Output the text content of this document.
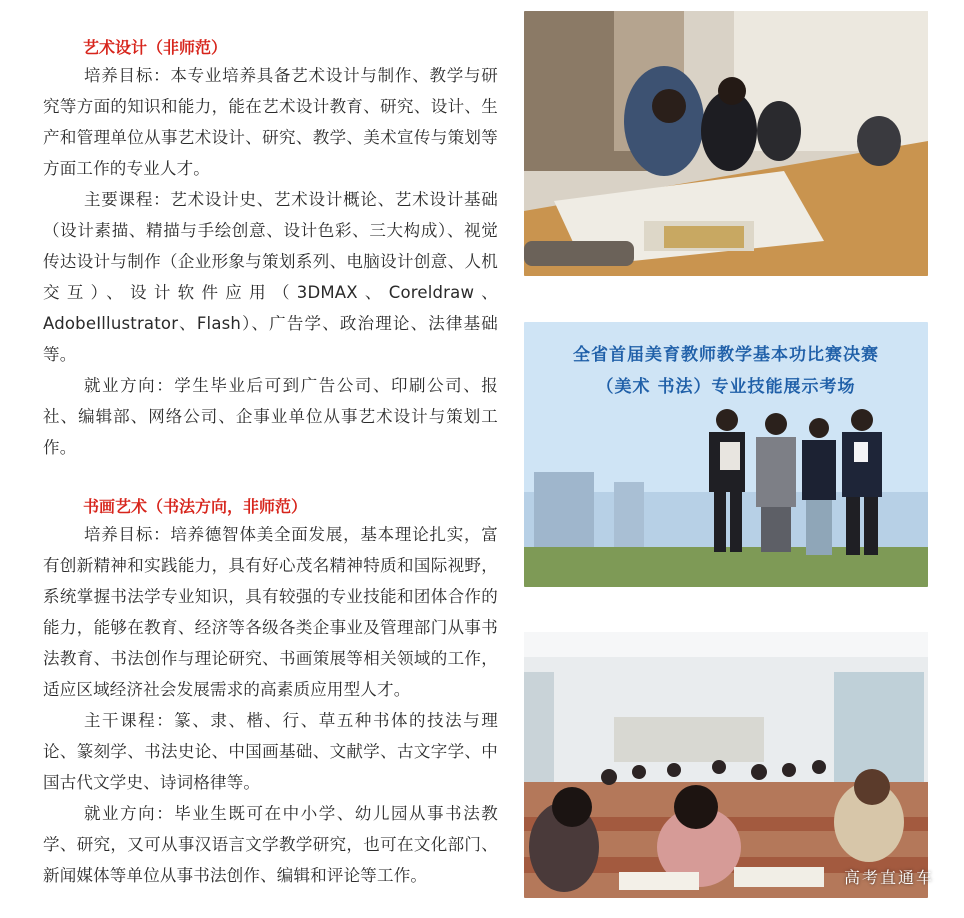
艺术设计（非师范）

培养目标：本专业培养具备艺术设计与制作、教学与研究等方面的知识和能力，能在艺术设计教育、研究、设计、生产和管理单位从事艺术设计、研究、教学、美术宣传与策划等方面工作的专业人才。

主要课程：艺术设计史、艺术设计概论、艺术设计基础（设计素描、精描与手绘创意、设计色彩、三大构成）、视觉传达设计与制作（企业形象与策划系列、电脑设计创意、人机交互）、设计软件应用（3DMAX、Coreldraw、AdobeIllustrator、Flash）、广告学、政治理论、法律基础等。

就业方向：学生毕业后可到广告公司、印刷公司、报社、编辑部、网络公司、企事业单位从事艺术设计与策划工作。

书画艺术（书法方向，非师范）

培养目标：培养德智体美全面发展，基本理论扎实，富有创新精神和实践能力，具有好心茂名精神特质和国际视野，系统掌握书法学专业知识，具有较强的专业技能和团体合作的能力，能够在教育、经济等各级各类企事业及管理部门从事书法教育、书法创作与理论研究、书画策展等相关领域的工作，适应区域经济社会发展需求的高素质应用型人才。

主干课程：篆、隶、楷、行、草五种书体的技法与理论、篆刻学、书法史论、中国画基础、文献学、古文字学、中国古代文学史、诗词格律等。

就业方向：毕业生既可在中小学、幼儿园从事书法教学、研究，又可从事汉语言文学教学研究，也可在文化部门、新闻媒体等单位从事书法创作、编辑和评论等工作。

全省首届美育教师教学基本功比赛决赛
（美术 书法）专业技能展示考场
高考直通车
